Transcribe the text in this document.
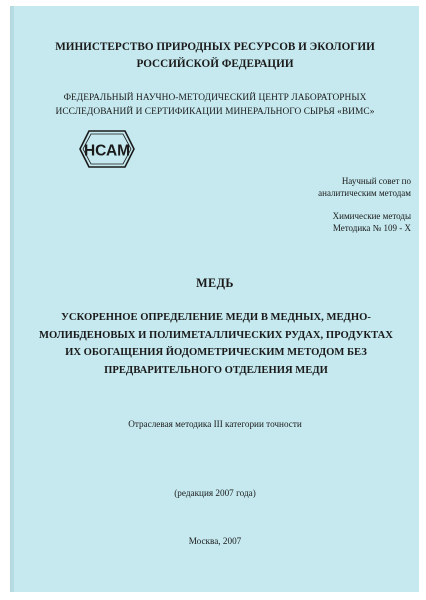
МИНИСТЕРСТВО ПРИРОДНЫХ РЕСУРСОВ И ЭКОЛОГИИ
РОССИЙСКОЙ ФЕДЕРАЦИИ
ФЕДЕРАЛЬНЫЙ НАУЧНО-МЕТОДИЧЕСКИЙ ЦЕНТР ЛАБОРАТОРНЫХ
ИССЛЕДОВАНИЙ И СЕРТИФИКАЦИИ МИНЕРАЛЬНОГО СЫРЬЯ «ВИМС»
НСАМ
Научный совет по
аналитическим методам
Химические методы
Методика № 109 - Х
МЕДЬ
УСКОРЕННОЕ ОПРЕДЕЛЕНИЕ МЕДИ В МЕДНЫХ, МЕДНО-
МОЛИБДЕНОВЫХ И ПОЛИМЕТАЛЛИЧЕСКИХ РУДАХ, ПРОДУКТАХ
ИХ ОБОГАЩЕНИЯ ЙОДОМЕТРИЧЕСКИМ МЕТОДОМ БЕЗ
ПРЕДВАРИТЕЛЬНОГО ОТДЕЛЕНИЯ МЕДИ
Отраслевая методика III категории точности
(редакция 2007 года)
Москва, 2007
